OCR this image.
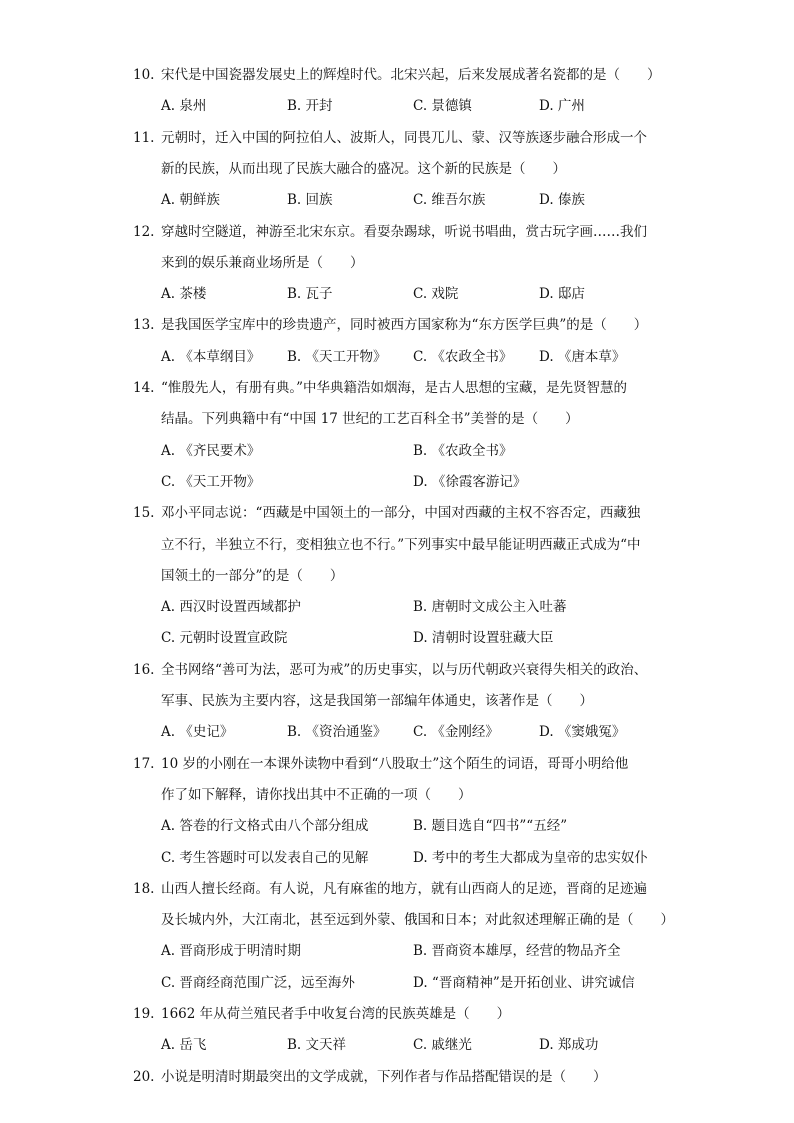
10. 宋代是中国瓷器发展史上的辉煌时代。北宋兴起，后来发展成著名瓷都的是（　　）
A. 泉州	B. 开封	C. 景德镇	D. 广州
11. 元朝时，迁入中国的阿拉伯人、波斯人，同畏兀儿、蒙、汉等族逐步融合形成一个
新的民族，从而出现了民族大融合的盛况。这个新的民族是（　　）
A. 朝鲜族	B. 回族	C. 维吾尔族	D. 傣族
12. 穿越时空隧道，神游至北宋东京。看耍杂踢球，听说书唱曲，赏古玩字画……我们
来到的娱乐兼商业场所是（　　）
A. 茶楼	B. 瓦子	C. 戏院	D. 邸店
13. 是我国医学宝库中的珍贵遗产，同时被西方国家称为“东方医学巨典”的是（　　）
A. 《本草纲目》 B. 《天工开物》 C. 《农政全书》 D. 《唐本草》
14. “惟殷先人，有册有典。”中华典籍浩如烟海，是古人思想的宝藏，是先贤智慧的
结晶。下列典籍中有“中国 17 世纪的工艺百科全书”美誉的是（　　）
A. 《齐民要术》	B. 《农政全书》
C. 《天工开物》	D. 《徐霞客游记》
15. 邓小平同志说：“西藏是中国领土的一部分，中国对西藏的主权不容否定，西藏独
立不行，半独立不行，变相独立也不行。”下列事实中最早能证明西藏正式成为“中
国领土的一部分”的是（　　）
A. 西汉时设置西域都护	B. 唐朝时文成公主入吐蕃
C. 元朝时设置宣政院	D. 清朝时设置驻藏大臣
16. 全书网络“善可为法，恶可为戒”的历史事实，以与历代朝政兴衰得失相关的政治、
军事、民族为主要内容，这是我国第一部编年体通史，该著作是（　　）
A. 《史记》	B. 《资治通鉴》 C. 《金刚经》	D. 《窦娥冤》
17. 10 岁的小刚在一本课外读物中看到“八股取士”这个陌生的词语，哥哥小明给他
作了如下解释，请你找出其中不正确的一项（　　）
A. 答卷的行文格式由八个部分组成	B. 题目选自“四书”“五经”
C. 考生答题时可以发表自己的见解	D. 考中的考生大都成为皇帝的忠实奴仆
18. 山西人擅长经商。有人说，凡有麻雀的地方，就有山西商人的足迹，晋商的足迹遍
及长城内外，大江南北，甚至远到外蒙、俄国和日本；对此叙述理解正确的是（　　）
A. 晋商形成于明清时期	B. 晋商资本雄厚，经营的物品齐全
C. 晋商经商范围广泛，远至海外	D. “晋商精神”是开拓创业、讲究诚信
19. 1662 年从荷兰殖民者手中收复台湾的民族英雄是（　　）
A. 岳飞	B. 文天祥	C. 戚继光	D. 郑成功
20. 小说是明清时期最突出的文学成就，下列作者与作品搭配错误的是（　　）
